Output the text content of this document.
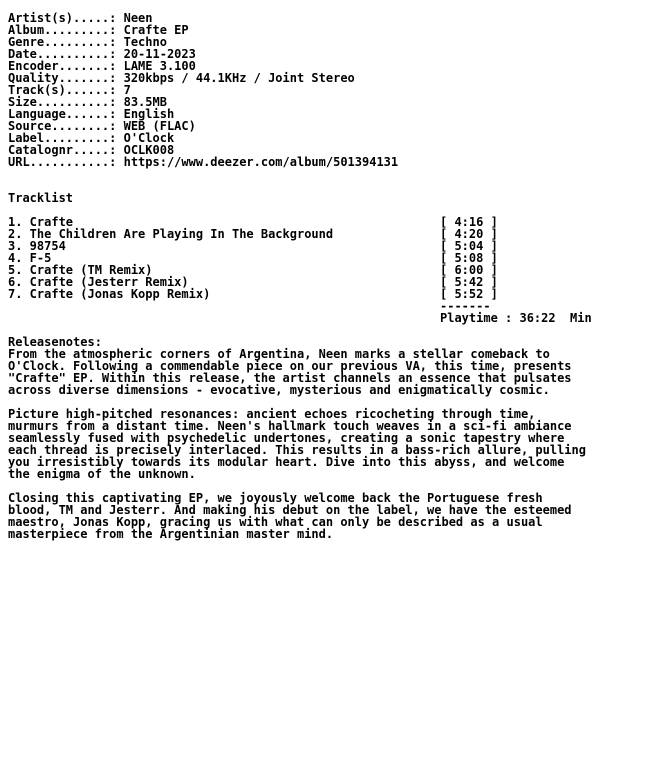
Artist(s).....: Neen
Album.........: Crafte EP
Genre.........: Techno
Date..........: 20-11-2023
Encoder.......: LAME 3.100
Quality.......: 320kbps / 44.1KHz / Joint Stereo
Track(s)......: 7
Size..........: 83.5MB
Language......: English
Source........: WEB (FLAC)
Label.........: O'Clock
Catalognr.....: OCLK008
URL...........: https://www.deezer.com/album/501394131
Tracklist
1. Crafte	[ 4:16 ]
2. The Children Are Playing In The Background	[ 4:20 ]
3. 98754	[ 5:04 ]
4. F-5	[ 5:08 ]
5. Crafte (TM Remix)	[ 6:00 ]
6. Crafte (Jesterr Remix)	[ 5:42 ]
7. Crafte (Jonas Kopp Remix)	[ 5:52 ]
-------
Playtime : 36:22  Min
Releasenotes:
From the atmospheric corners of Argentina, Neen marks a stellar comeback to
O'Clock. Following a commendable piece on our previous VA, this time, presents
"Crafte" EP. Within this release, the artist channels an essence that pulsates
across diverse dimensions - evocative, mysterious and enigmatically cosmic.
Picture high-pitched resonances: ancient echoes ricocheting through time,
murmurs from a distant time. Neen's hallmark touch weaves in a sci-fi ambiance
seamlessly fused with psychedelic undertones, creating a sonic tapestry where
each thread is precisely interlaced. This results in a bass-rich allure, pulling
you irresistibly towards its modular heart. Dive into this abyss, and welcome
the enigma of the unknown.
Closing this captivating EP, we joyously welcome back the Portuguese fresh
blood, TM and Jesterr. And making his debut on the label, we have the esteemed
maestro, Jonas Kopp, gracing us with what can only be described as a usual
masterpiece from the Argentinian master mind.
